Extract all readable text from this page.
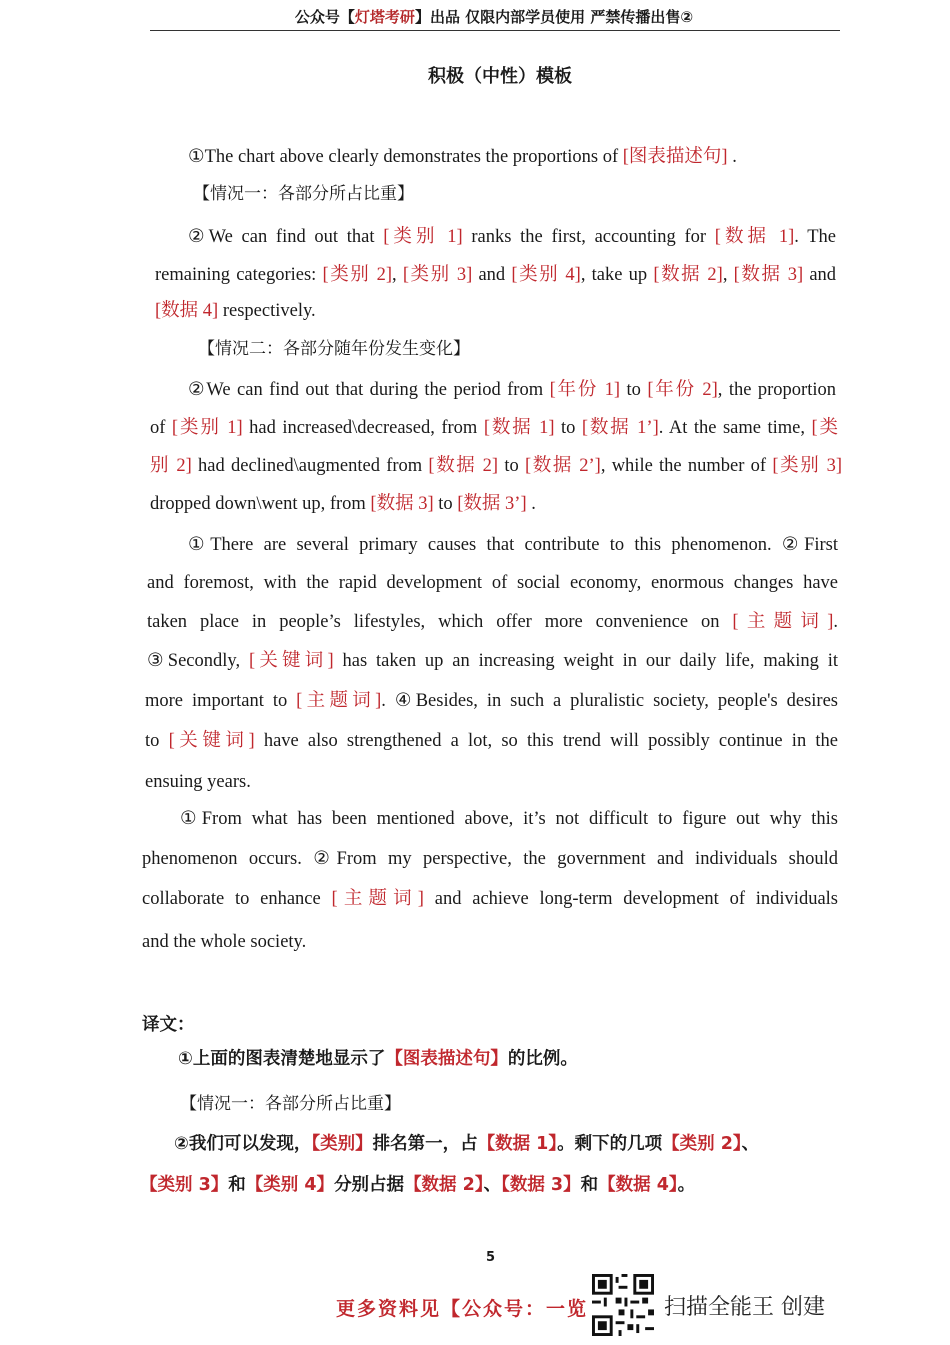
公众号【灯塔考研】出品 仅限内部学员使用 严禁传播出售②
积极（中性）模板
①The chart above clearly demonstrates the proportions of [图表描述句] .
【情况一：各部分所占比重】
②We can find out that [类别 1] ranks the first, accounting for [数据 1]. The
remaining categories: [类别 2], [类别 3] and [类别 4], take up [数据 2], [数据 3] and
[数据 4] respectively.
【情况二：各部分随年份发生变化】
②We can find out that during the period from [年份 1] to [年份 2], the proportion
of [类别 1] had increased\decreased, from [数据 1] to [数据 1’]. At the same time, [类
别 2] had declined\augmented from [数据 2] to [数据 2’], while the number of [类别 3]
dropped down\went up, from [数据 3] to [数据 3’] .
①There are several primary causes that contribute to this phenomenon. ②First
and foremost, with the rapid development of social economy, enormous changes have
taken place in people’s lifestyles, which offer more convenience on [主题词].
③Secondly, [关键词] has taken up an increasing weight in our daily life, making it
more important to [主题词]. ④Besides, in such a pluralistic society, people's desires
to [关键词] have also strengthened a lot, so this trend will possibly continue in the
ensuing years.
①From what has been mentioned above, it’s not difficult to figure out why this
phenomenon occurs. ②From my perspective, the government and individuals should
collaborate to enhance [主题词] and achieve long-term development of individuals
and the whole society.
译文：
①上面的图表清楚地显示了【图表描述句】的比例。
【情况一：各部分所占比重】
②我们可以发现，【类别】排名第一，占【数据 1】。剩下的几项【类别 2】、
【类别 3】和【类别 4】分别占据【数据 2】、【数据 3】和【数据 4】。
5
更多资料见【公众号：一览	扫描全能王 创建
